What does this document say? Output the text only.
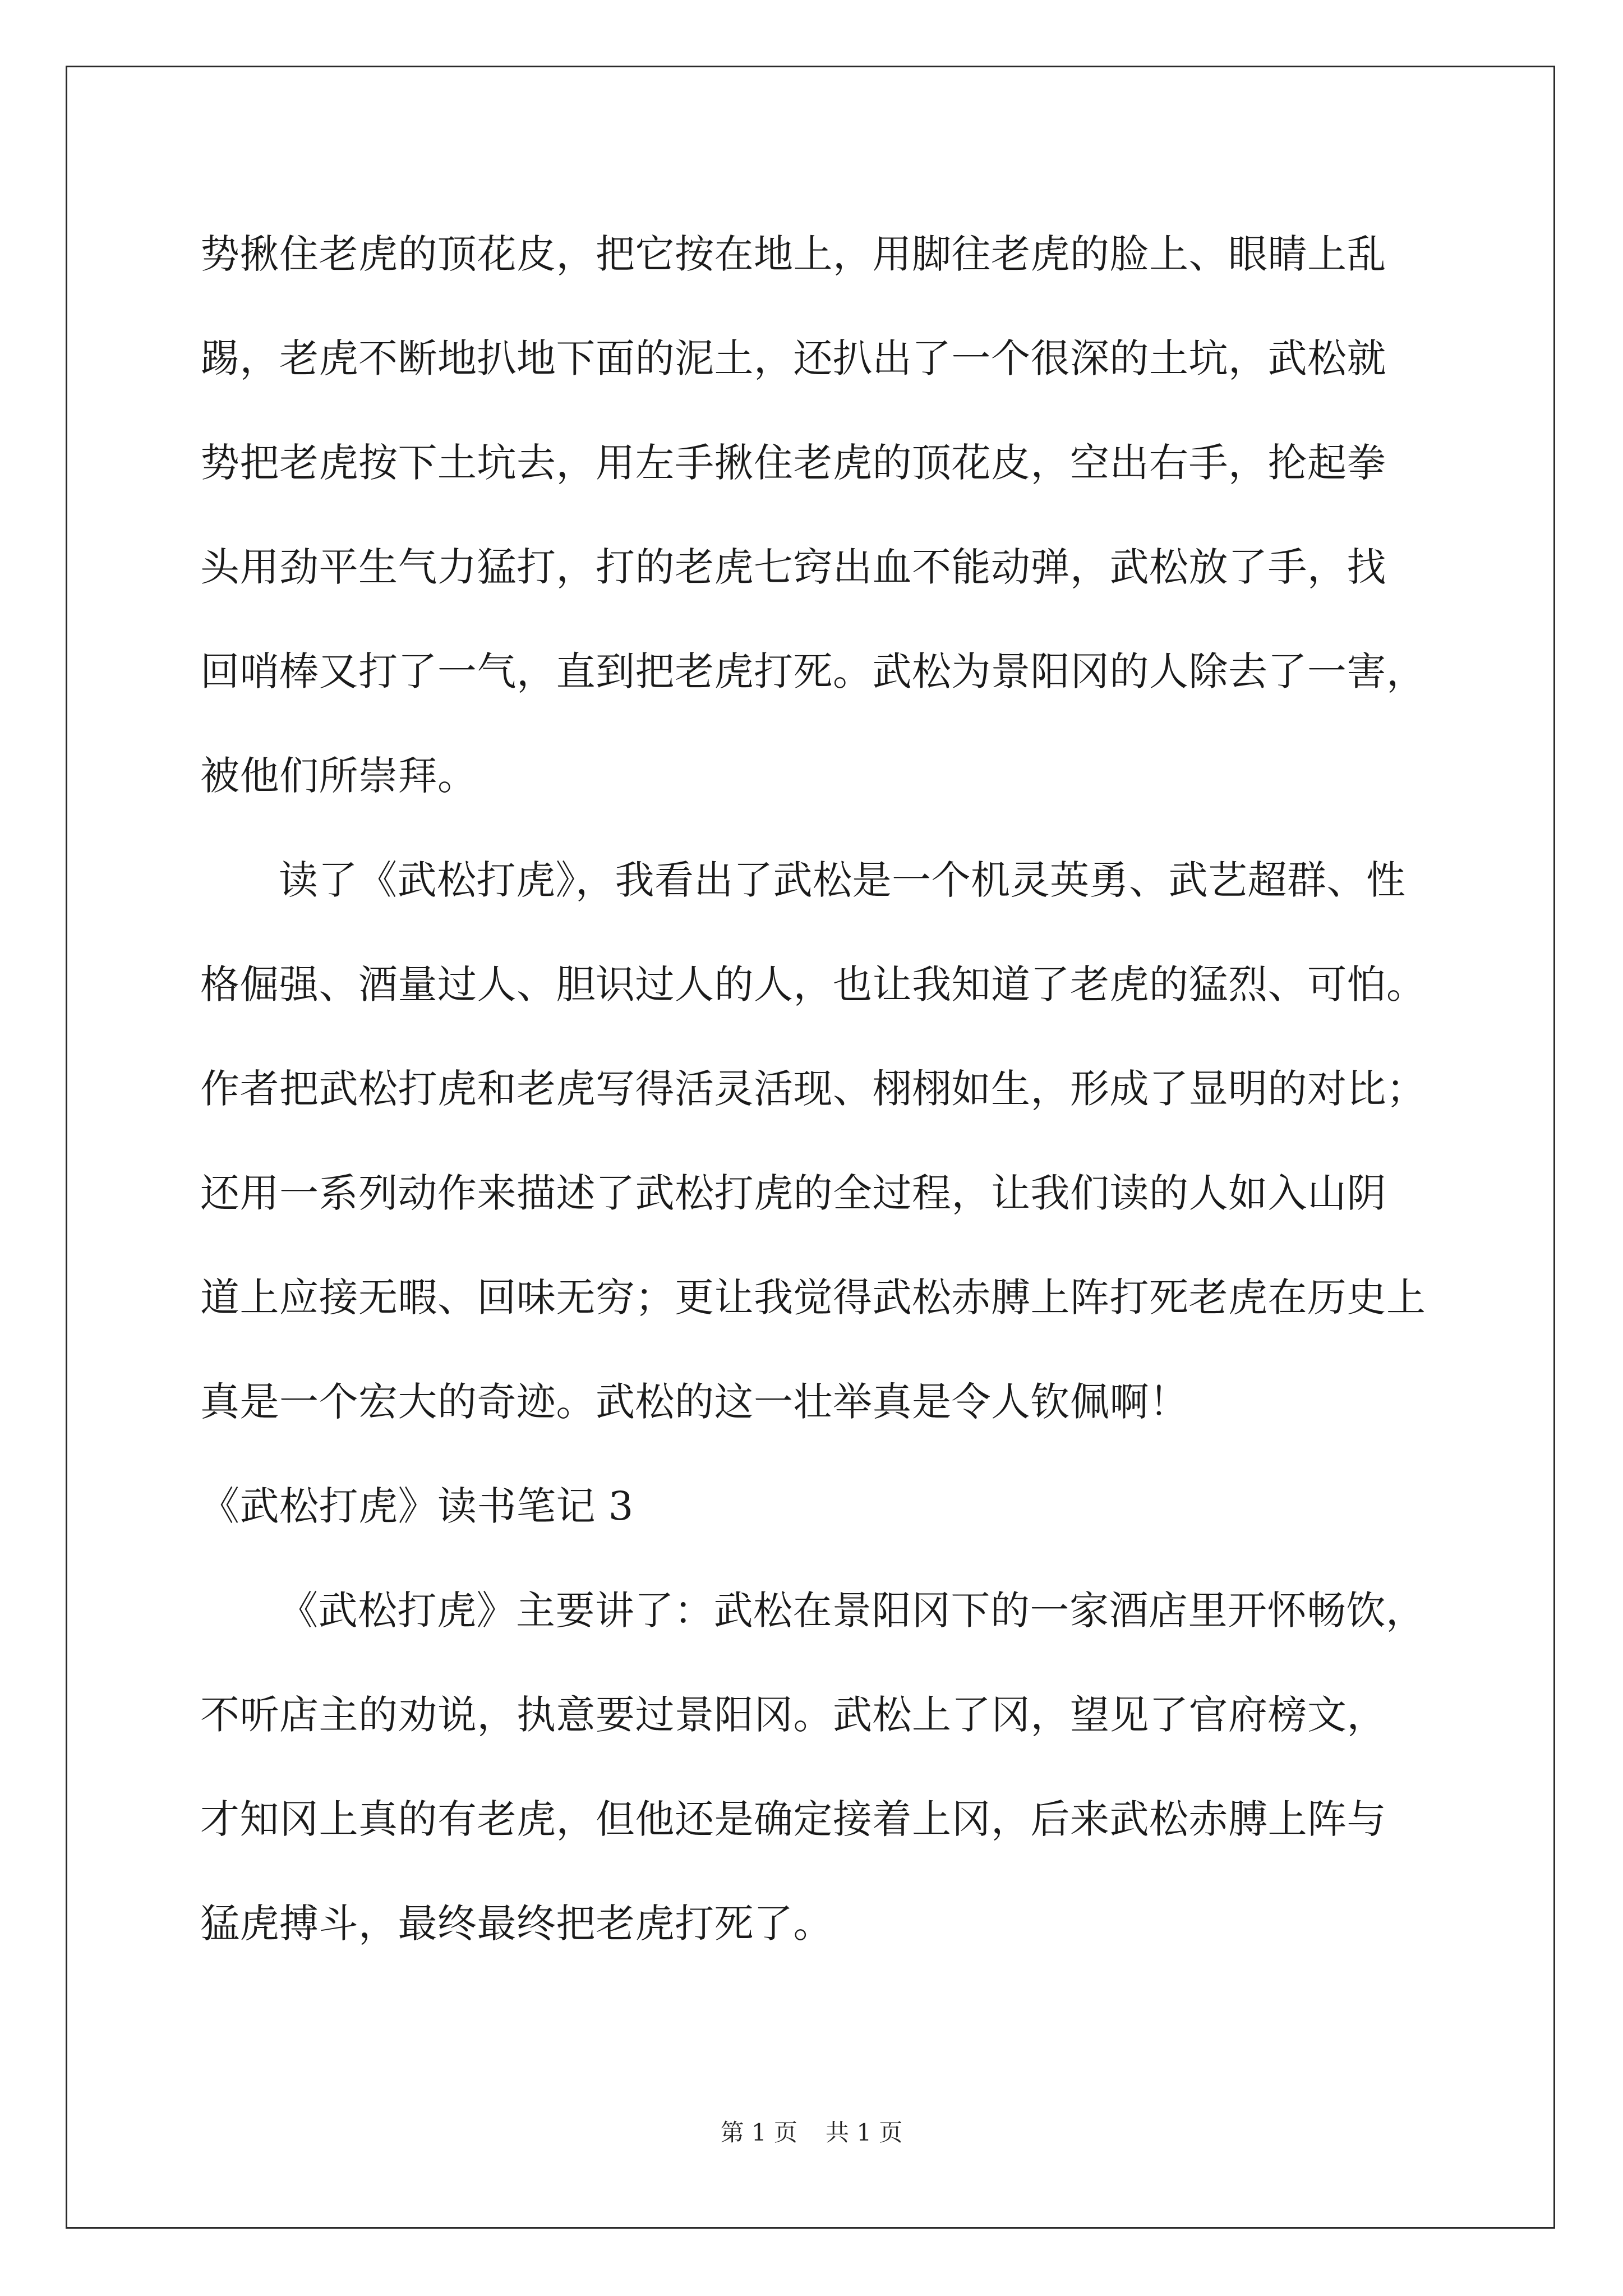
势揪住老虎的顶花皮，把它按在地上，用脚往老虎的脸上、眼睛上乱
踢，老虎不断地扒地下面的泥土，还扒出了一个很深的土坑，武松就
势把老虎按下土坑去，用左手揪住老虎的顶花皮，空出右手，抡起拳
头用劲平生气力猛打，打的老虎七窍出血不能动弹，武松放了手，找
回哨棒又打了一气，直到把老虎打死。武松为景阳冈的人除去了一害，
被他们所崇拜。
读了《武松打虎》，我看出了武松是一个机灵英勇、武艺超群、性
格倔强、酒量过人、胆识过人的人，也让我知道了老虎的猛烈、可怕。
作者把武松打虎和老虎写得活灵活现、栩栩如生，形成了显明的对比；
还用一系列动作来描述了武松打虎的全过程，让我们读的人如入山阴
道上应接无暇、回味无穷；更让我觉得武松赤膊上阵打死老虎在历史上
真是一个宏大的奇迹。武松的这一壮举真是令人钦佩啊！
《武松打虎》读书笔记 3
《武松打虎》主要讲了：武松在景阳冈下的一家酒店里开怀畅饮，
不听店主的劝说，执意要过景阳冈。武松上了冈，望见了官府榜文，
才知冈上真的有老虎，但他还是确定接着上冈，后来武松赤膊上阵与
猛虎搏斗，最终最终把老虎打死了。
第 1 页 共 1 页
